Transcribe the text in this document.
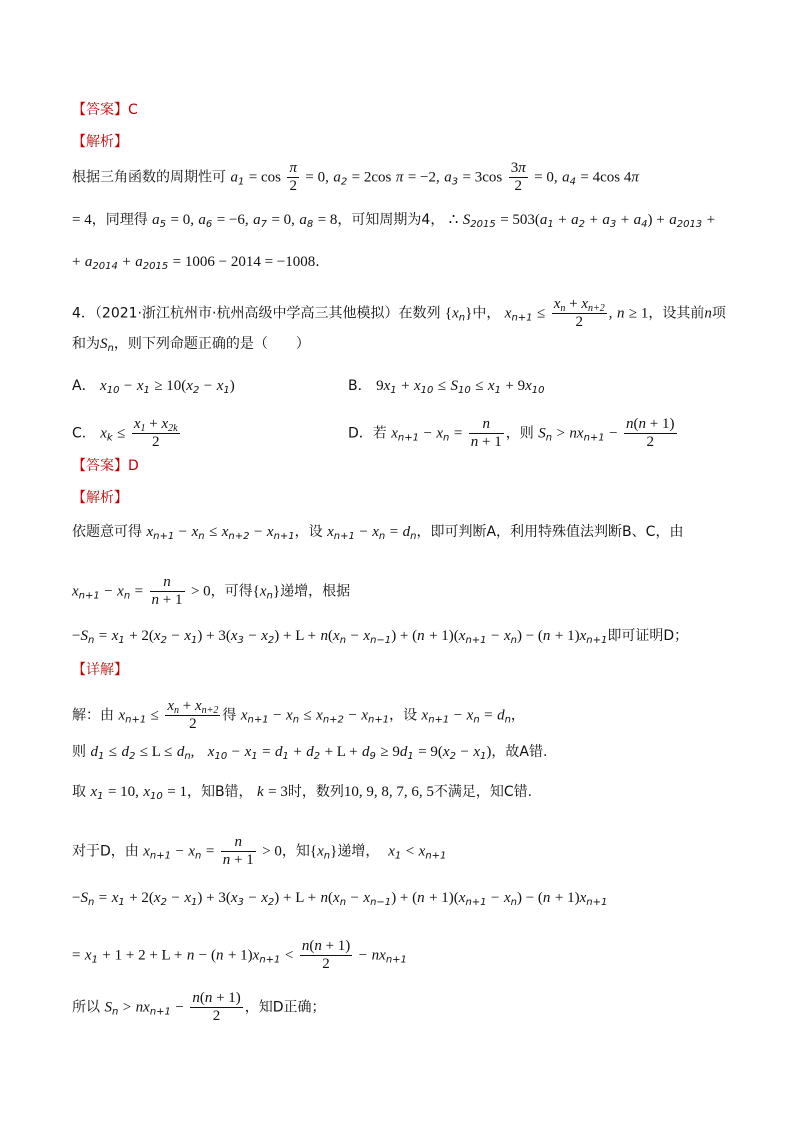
【答案】C
【解析】
根据三角函数的周期性可 $a_1 = \cos \frac{\pi}{2} = 0$, $a_2 = 2\cos$ π = −2, $a_3 = 3\cos \frac{3\pi}{2} = 0$, $a_4 = 4\cos$ 4π
= 4，同理得 $a_5 = 0$, $a_6 = -6$, $a_7 = 0$, $a_8 = 8$，可知周期为4， ∴ $S_{2015} = 503(a_1 + a_2 + a_3 + a_4) + a_{2013}$ +
+ $a_{2014} + a_{2015} = 1006 - 2014 = -1008$.
4．（2021·浙江杭州市·杭州高级中学高三其他模拟）在数列 $\{x_n\}$中， $x_{n+1} \le \frac{x_n + x_{n+2}}{2}$ , n ≥ 1，设其前n项
和为$S_n$，则下列命题正确的是（　　）
A． $x_{10} - x_1 \ge 10(x_2 - x_1)$	B． $9x_1 + x_{10} \le S_{10} \le x_1 + 9x_{10}$
C． $x_k \le \frac{x_1 + x_{2k}}{2}$	D．若 $x_{n+1} - x_n = \frac{n}{n + 1}$ ，则 $S_n > nx_{n+1} - \frac{n(n + 1)}{2}$
【答案】D
【解析】
依题意可得 $x_{n+1} - x_n \le x_{n+2} - x_{n+1}$，设 $x_{n+1} - x_n = d_n$，即可判断A，利用特殊值法判断B、C，由
$x_{n+1} - x_n = \frac{n}{n + 1} > 0$，可得$\{x_n\}$递增，根据
$-S_n = x_1 + 2(x_2 - x_1) + 3(x_3 - x_2) + L + n(x_n - x_{n-1}) + (n + 1)(x_{n+1} - x_n) - (n + 1)x_{n+1}$即可证明D；
【详解】
解：由 $x_{n+1} \le \frac{x_n + x_{n+2}}{2}$ 得 $x_{n+1} - x_n \le x_{n+2} - x_{n+1}$，设 $x_{n+1} - x_n = d_n$，
则 $d_1 \le d_2 \le L \le d_n$, $x_{10} - x_1 = d_1 + d_2 + L + d_9 \ge 9d_1 = 9(x_2 - x_1)$，故A错.
取 $x_1 = 10$, $x_{10} = 1$，知B错， k = 3时，数列10, 9, 8, 7, 6, 5不满足，知C错.
对于D，由 $x_{n+1} - x_n = \frac{n}{n + 1} > 0$，知$\{x_n\}$递增， $x_1 < x_{n+1}$
$-S_n = x_1 + 2(x_2 - x_1) + 3(x_3 - x_2) + L + n(x_n - x_{n-1}) + (n + 1)(x_{n+1} - x_n) - (n + 1)x_{n+1}$
= $x_1 + 1 + 2 + L + n - (n + 1)x_{n+1} < \frac{n(n + 1)}{2} - nx_{n+1}$
所以 $S_n > nx_{n+1} - \frac{n(n + 1)}{2}$ ，知D正确；
